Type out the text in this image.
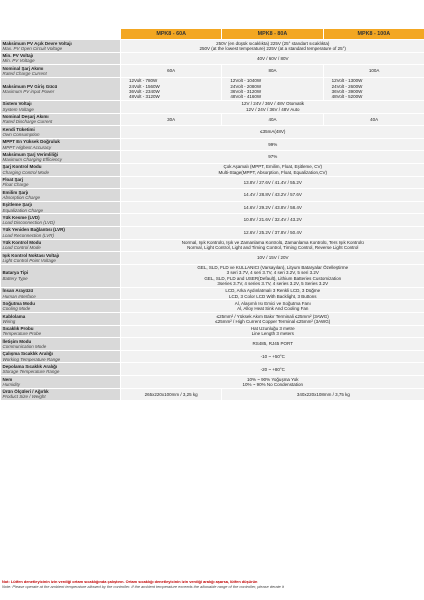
	MPK8 - 60A	MPK8 - 80A	MPK8 - 100A

Maksimum PV Açık Devre Voltajı
Max. PV Open Circuit Voltage	250V (en düşük sıcaklıkta) 225V (25° standart sıcaklıkta)
250V (at the lowest temperature) 225V (at a standard temperature of 25°)		

Min. PV Voltajı
Min. PV Voltage	40V / 60V / 80V		

Nominal Şarj Akımı
Rated Charge Current	60A	80A	100A

Maksimum PV Giriş Gücü
Maximum PV input Power	12Volt - 780W
24Volt - 1560W
36Volt - 2340W
48Volt - 3120W	12Volt - 1040W
24Volt - 2080W
36Volt - 3120W
48Volt - 4160W	12Volt - 1300W
24Volt - 2600W
36Volt - 3900W
48Volt - 5200W

Sistem Voltajı
System Voltage	12V / 24V / 36V / 48V Otomatik
12V / 24V / 36V / 48V Auto		

Nominal Deşarj Akımı
Rated Discharge Current	30A	40A	40A

Kendi Tüketimi
Own Consumption	≤35mA(48V)		

MPPT En Yüksek Doğruluk
MPPT Highest Accuracy	99%		

Maksimum Şarj Verimliliği
Maximum Charging Efficiency	97%		

Şarj Kontrol Modu
Charging Control Mode	Çok Aşamalı (MPPT, Emilim, Float, Eşitleme, CV)
Multi-Stage(MPPT, Absorption, Float, Equalization,CV)		

Float Şarj
Float Charge	13.8V / 27.6V / 41.4V / 55.2V		

Emilim Şarjı
Absorption Charge	14.4V / 28.8V / 43.2V / 57.6V		

Eşitleme Şarjı
Equalization Charge	14.6V / 29.2V / 43.8V / 58.4V		

Yük Kesme (LVD)
Load Disconnection (LVD)	10.8V / 21.6V / 32.4V / 43.2V		

Yük Yeniden Bağlantısı (LVR)
Load Reconnection (LVR)	12.6V / 25.2V / 37.8V / 50.4V		

Yük Kontrol Modu
Load Control Mode	Normal, Işık Kontrolü, Işık ve Zamanlama Kontrolü, Zamanlama Kontrolü, Ters Işık Kontrolü
Normal, Light Control, Light and Timing Control, Timing Control, Reverse Light Control		

Işık Kontrol Noktası Voltajı
Light Control Point Voltage	10V / 15V / 20V		

Batarya Tipi
Battery Type	GEL, SLD, FLD ve KULLANICI (Varsayılan), Lityum Bataryalar Özelleştirme
3 seri 3.7V, 4 seri 3.7V, 4 seri 3.2V, 5 seri 3.2V
GEL, SLD, FLD and USER(Default), Lithium Batteries Customization
3series 3.7V, 4 series 3.7V, 4 series 3.2V, 5 Series 3.2V		

İnsan Arayüzü
Human Interface	LCD, Arka Aydınlatmalı 3 Renkli LCD, 3 Düğme
LCD, 3 Color LCD With Backlight, 3 Buttons		

Soğutma Modu
Cooling Mode	Al, Alaşımlı Isı Emici ve Soğutma Fanı
Al, Alloy Heat Sink And Cooling Fan		

Kablolama
Wiring	≤25mm² / Yüksek Akım Bakır Terminali ≤25mm² (3AWG)
≤25mm² / High Current Copper Terminal ≤25mm² (3AWG)		

Sıcaklık Probu
Temperature Probe	Hat Uzunluğu 3 metre
Line Length 3 meters		

İletişim Modu
Communication Mode	RS485, RJ45 PORT		

Çalışma Sıcaklık Aralığı
Working Temperature Range	-10 ~ +50°C		

Depolama Sıcaklık Aralığı
Storage Temperature Range	-20 ~ +80°C		

Nem
Humidity	10% ~ 90% Yoğuşma Yok
10% ~ 90% No Condenstation		

Ürün Ölçüleri / Ağırlık
Product Size / Weight	265x220x100mm / 3,25 kg	340x220x108mm / 3,75 kg	
Not: Lütfen denetleyicinin izin verdiği ortam sıcaklığında çalıştırın. Ortam sıcaklığı denetleyicinin izin verdiği aralığı aşarsa, lütfen düşürün
Note: Please operate at the ambient temperature allowed by the controller. If the ambient temperature exceeds the allowable range of the controller, please derate it
